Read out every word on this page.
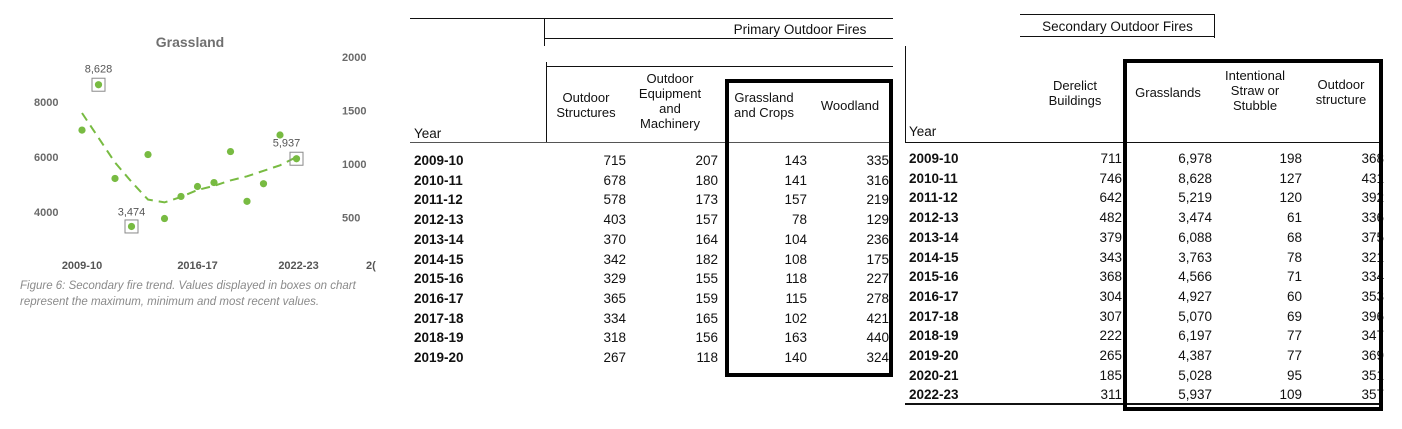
Grassland
4000
6000
8000
2000
1500
1000
500
2009-10	2016-17	2022-23	2(
8,628
3,474
5,937
Figure 6: Secondary fire trend. Values displayed in boxes on chart represent the maximum, minimum and most recent values.
Primary Outdoor Fires
Year
Outdoor Structures
Outdoor Equipment and Machinery
Grassland and Crops	Woodland
2009-10	715	207	143	335
2010-11	678	180	141	316
2011-12	578	173	157	219
2012-13	403	157	78	129
2013-14	370	164	104	236
2014-15	342	182	108	175
2015-16	329	155	118	227
2016-17	365	159	115	278
2017-18	334	165	102	421
2018-19	318	156	163	440
2019-20	267	118	140	324
Secondary Outdoor Fires
Year
Derelict Buildings
Grasslands
Intentional Straw or Stubble
Outdoor structure
2009-10	711	6,978	198	368
2010-11	746	8,628	127	431
2011-12	642	5,219	120	392
2012-13	482	3,474	61	336
2013-14	379	6,088	68	375
2014-15	343	3,763	78	321
2015-16	368	4,566	71	334
2016-17	304	4,927	60	353
2017-18	307	5,070	69	396
2018-19	222	6,197	77	347
2019-20	265	4,387	77	369
2020-21	185	5,028	95	351
2022-23	311	5,937	109	357
